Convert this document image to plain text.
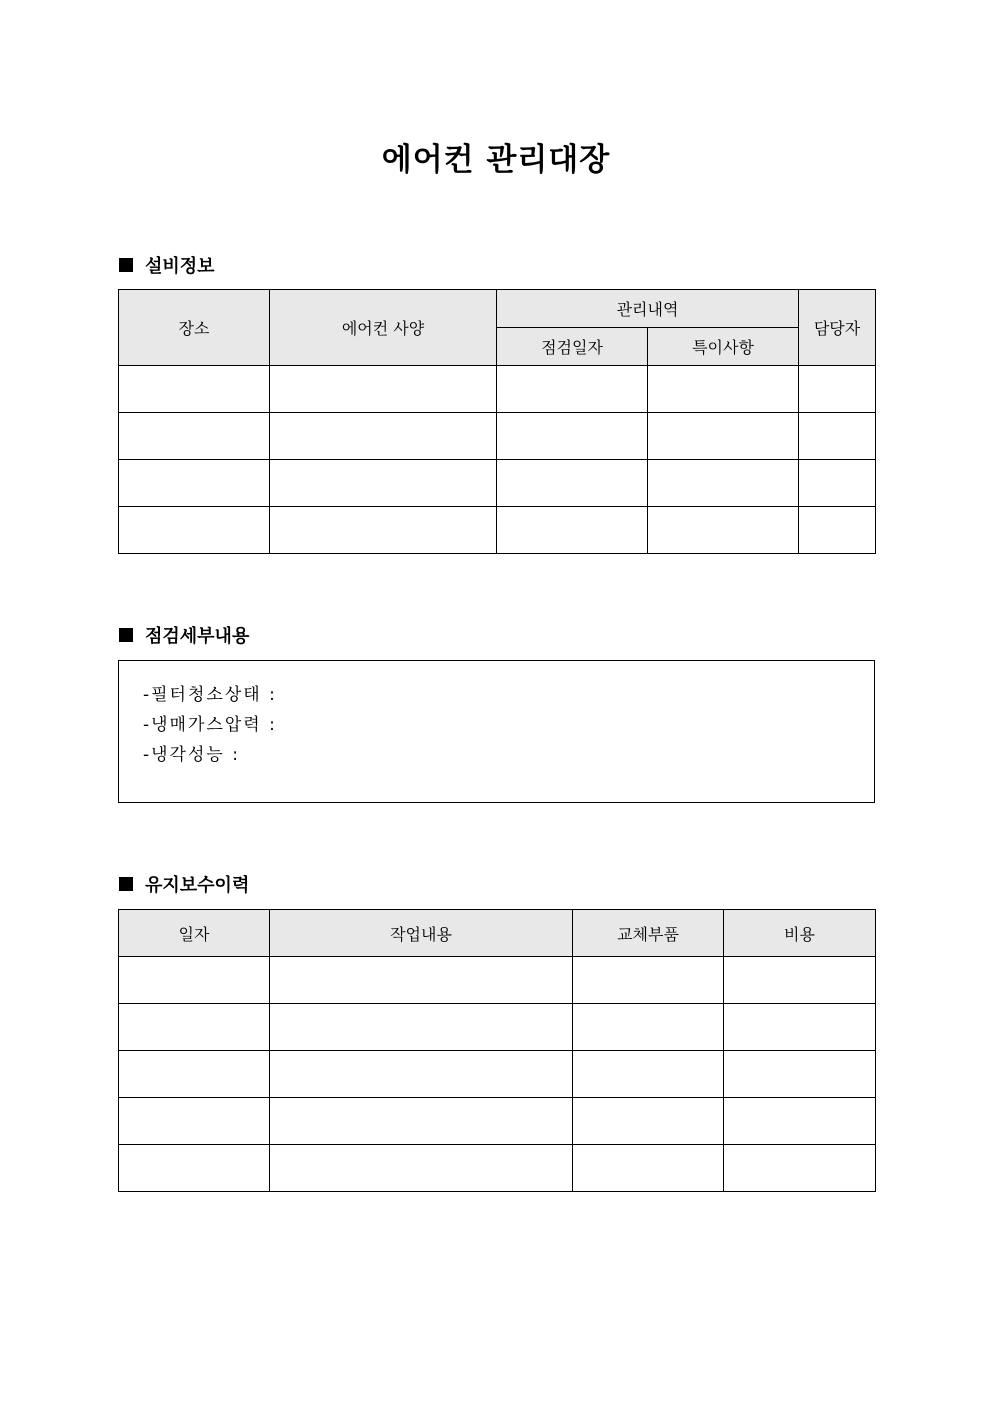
에어컨 관리대장
설비정보
장소	에어컨 사양	관리내역		담당자
		점검일자	특이사항	

점검세부내용
-필터청소상태 :
-냉매가스압력 :
-냉각성능 :
유지보수이력
일자	작업내용	교체부품	비용
